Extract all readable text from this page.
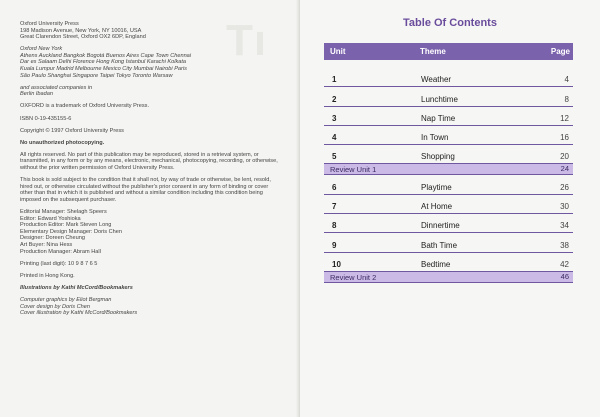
Tı

Oxford University Press
198 Madison Avenue, New York, NY 10016, USA
Great Clarendon Street, Oxford OX2 6DP, England

Oxford New York
Athens Auckland Bangkok Bogotá Buenos Aires Cape Town Chennai
Dar es Salaam Delhi Florence Hong Kong Istanbul Karachi Kolkata
Kuala Lumpur Madrid Melbourne Mexico City Mumbai Nairobi Paris
São Paulo Shanghai Singapore Taipei Tokyo Toronto Warsaw

and associated companies in
Berlin Ibadan

OXFORD is a trademark of Oxford University Press.

ISBN 0-19-435155-6

Copyright © 1997 Oxford University Press

No unauthorized photocopying.

All rights reserved. No part of this publication may be reproduced, stored in a retrieval system, or transmitted, in any form or by any means, electronic, mechanical, photocopying, recording, or otherwise, without the prior written permission of Oxford University Press.

This book is sold subject to the condition that it shall not, by way of trade or otherwise, be lent, resold, hired out, or otherwise circulated without the publisher's prior consent in any form of binding or cover other than that in which it is published and without a similar condition including this condition being imposed on the subsequent purchaser.

Editorial Manager: Shelagh Speers
Editor: Edward Yoshioka
Production Editor: Mark Steven Long
Elementary Design Manager: Doris Chen
Designer: Doreen Cheung
Art Buyer: Nina Hess
Production Manager: Abram Hall

Printing (last digit): 10 9 8 7 6 5

Printed in Hong Kong.

Illustrations by Kathi McCord/Bookmakers

Computer graphics by Eliot Bergman
Cover design by Doris Chen
Cover illustration by Kathi McCord/Bookmakers

Table Of Contents
Unit	Theme	Page
1	Weather	4
2	Lunchtime	8
3	Nap Time	12
4	In Town	16
5	Shopping	20
Review Unit 1	24
6	Playtime	26
7	At Home	30
8	Dinnertime	34
9	Bath Time	38
10	Bedtime	42
Review Unit 2	46
